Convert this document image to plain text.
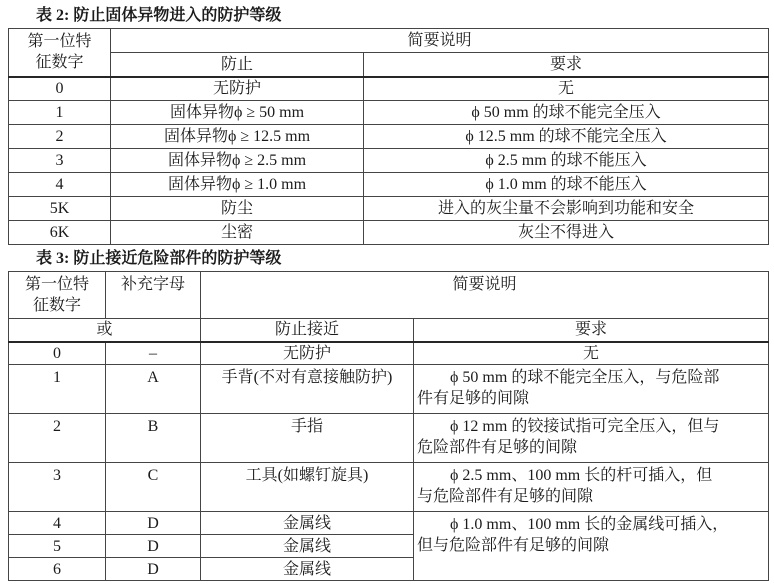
表 2: 防止固体异物进入的防护等级
第一位特
征数字	简要说明	
	防止	要求
0	无防护	无
1	固体异物ϕ ≥ 50 mm	ϕ 50 mm 的球不能完全压入
2	固体异物ϕ ≥ 12.5 mm	ϕ 12.5 mm 的球不能完全压入
3	固体异物ϕ ≥ 2.5 mm	ϕ 2.5 mm 的球不能压入
4	固体异物ϕ ≥ 1.0 mm	ϕ 1.0 mm 的球不能压入
5K	防尘	进入的灰尘量不会影响到功能和安全
6K	尘密	灰尘不得进入
表 3: 防止接近危险部件的防护等级
第一位特
征数字	补充字母	简要说明	
或		防止接近	要求
0	–	无防护	无
1	A	手背(不对有意接触防护)	ϕ 50 mm 的球不能完全压入，与危险部
件有足够的间隙

2	B	手指	ϕ 12 mm 的铰接试指可完全压入，但与
危险部件有足够的间隙

3	C	工具(如螺钉旋具)	ϕ 2.5 mm、100 mm 长的杆可插入，但
与危险部件有足够的间隙

4	D	金属线	ϕ 1.0 mm、100 mm 长的金属线可插入，
但与危险部件有足够的间隙

5	D	金属线	
6	D	金属线	
